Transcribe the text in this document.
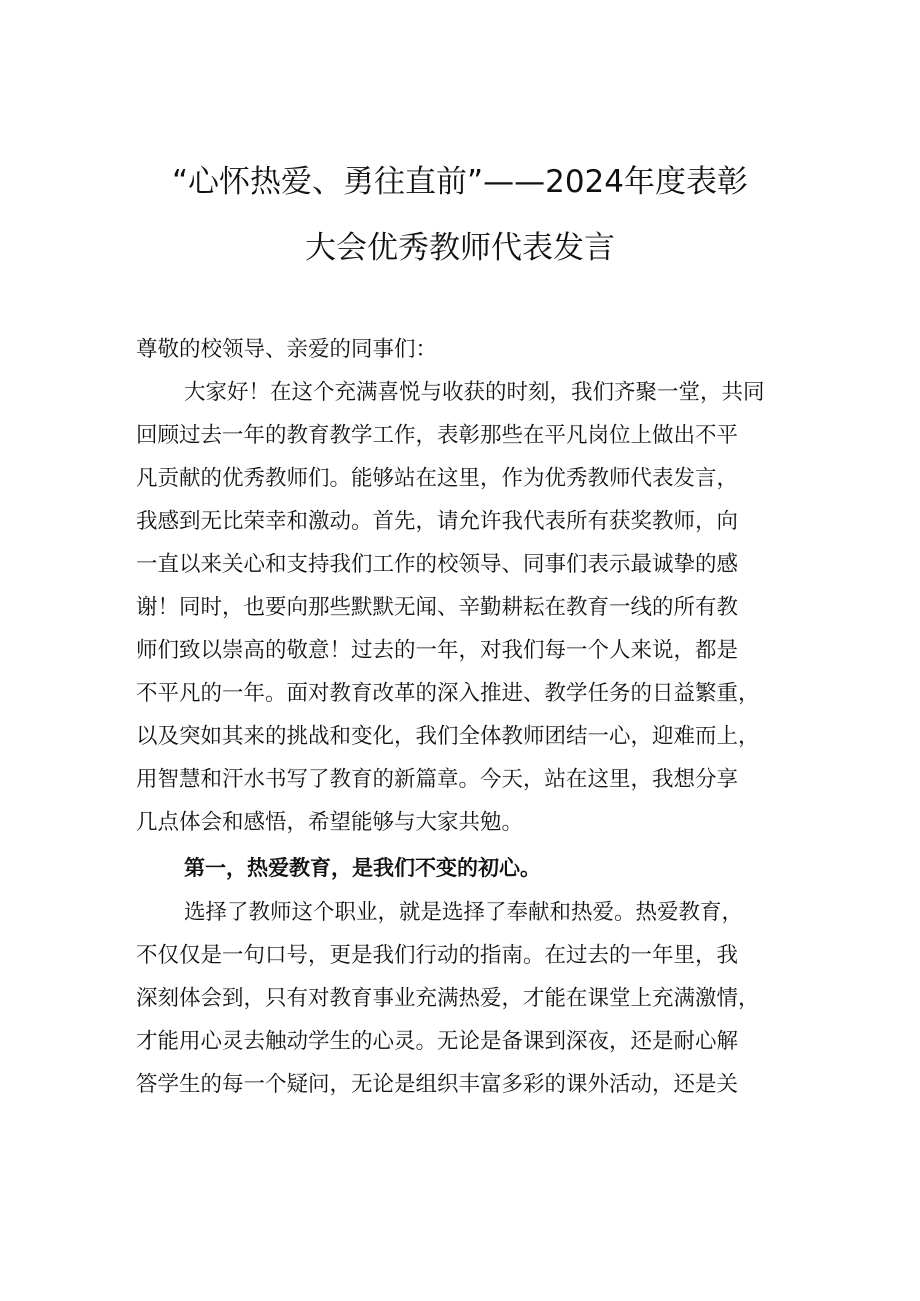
“心怀热爱、勇往直前”——2024年度表彰
大会优秀教师代表发言
尊敬的校领导、亲爱的同事们：
大家好！在这个充满喜悦与收获的时刻，我们齐聚一堂，共同
回顾过去一年的教育教学工作，表彰那些在平凡岗位上做出不平
凡贡献的优秀教师们。能够站在这里，作为优秀教师代表发言，
我感到无比荣幸和激动。首先，请允许我代表所有获奖教师，向
一直以来关心和支持我们工作的校领导、同事们表示最诚挚的感
谢！同时，也要向那些默默无闻、辛勤耕耘在教育一线的所有教
师们致以崇高的敬意！过去的一年，对我们每一个人来说，都是
不平凡的一年。面对教育改革的深入推进、教学任务的日益繁重，
以及突如其来的挑战和变化，我们全体教师团结一心，迎难而上，
用智慧和汗水书写了教育的新篇章。今天，站在这里，我想分享
几点体会和感悟，希望能够与大家共勉。
第一，热爱教育，是我们不变的初心。
选择了教师这个职业，就是选择了奉献和热爱。热爱教育，
不仅仅是一句口号，更是我们行动的指南。在过去的一年里，我
深刻体会到，只有对教育事业充满热爱，才能在课堂上充满激情，
才能用心灵去触动学生的心灵。无论是备课到深夜，还是耐心解
答学生的每一个疑问，无论是组织丰富多彩的课外活动，还是关
